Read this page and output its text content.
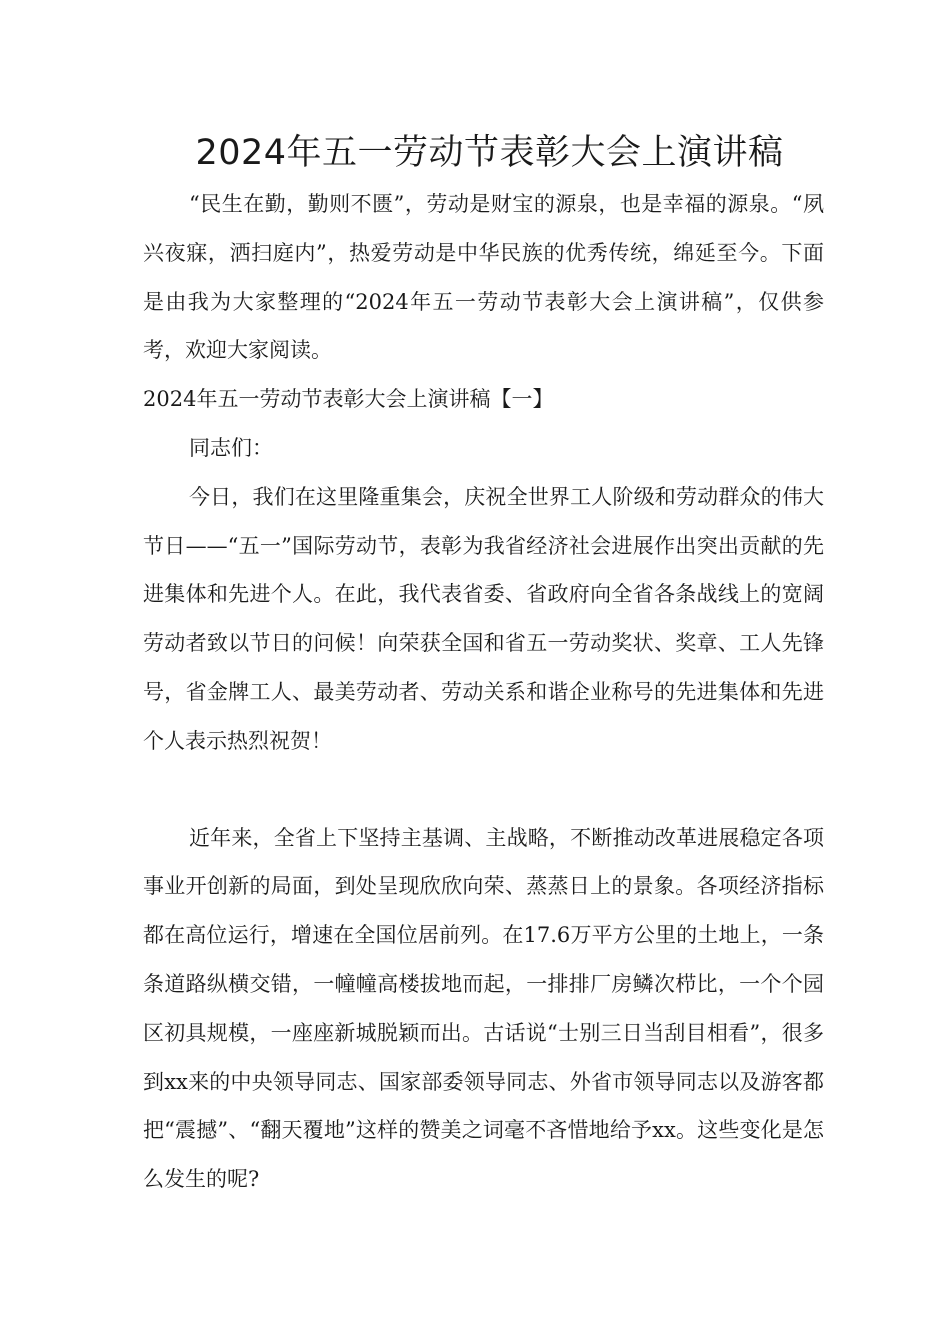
2024年五一劳动节表彰大会上演讲稿

“民生在勤，勤则不匮”，劳动是财宝的源泉，也是幸福的源泉。“夙兴夜寐，洒扫庭内”，热爱劳动是中华民族的优秀传统，绵延至今。下面是由我为大家整理的“2024年五一劳动节表彰大会上演讲稿”，仅供参考，欢迎大家阅读。

2024年五一劳动节表彰大会上演讲稿【一】

同志们：

今日，我们在这里隆重集会，庆祝全世界工人阶级和劳动群众的伟大节日——“五一”国际劳动节，表彰为我省经济社会进展作出突出贡献的先进集体和先进个人。在此，我代表省委、省政府向全省各条战线上的宽阔劳动者致以节日的问候！向荣获全国和省五一劳动奖状、奖章、工人先锋号，省金牌工人、最美劳动者、劳动关系和谐企业称号的先进集体和先进个人表示热烈祝贺！

近年来，全省上下坚持主基调、主战略，不断推动改革进展稳定各项事业开创新的局面，到处呈现欣欣向荣、蒸蒸日上的景象。各项经济指标都在高位运行，增速在全国位居前列。在17.6万平方公里的土地上，一条条道路纵横交错，一幢幢高楼拔地而起，一排排厂房鳞次栉比，一个个园区初具规模，一座座新城脱颖而出。古话说“士别三日当刮目相看”，很多到xx来的中央领导同志、国家部委领导同志、外省市领导同志以及游客都把“震撼”、“翻天覆地”这样的赞美之词毫不吝惜地给予xx。这些变化是怎么发生的呢?
